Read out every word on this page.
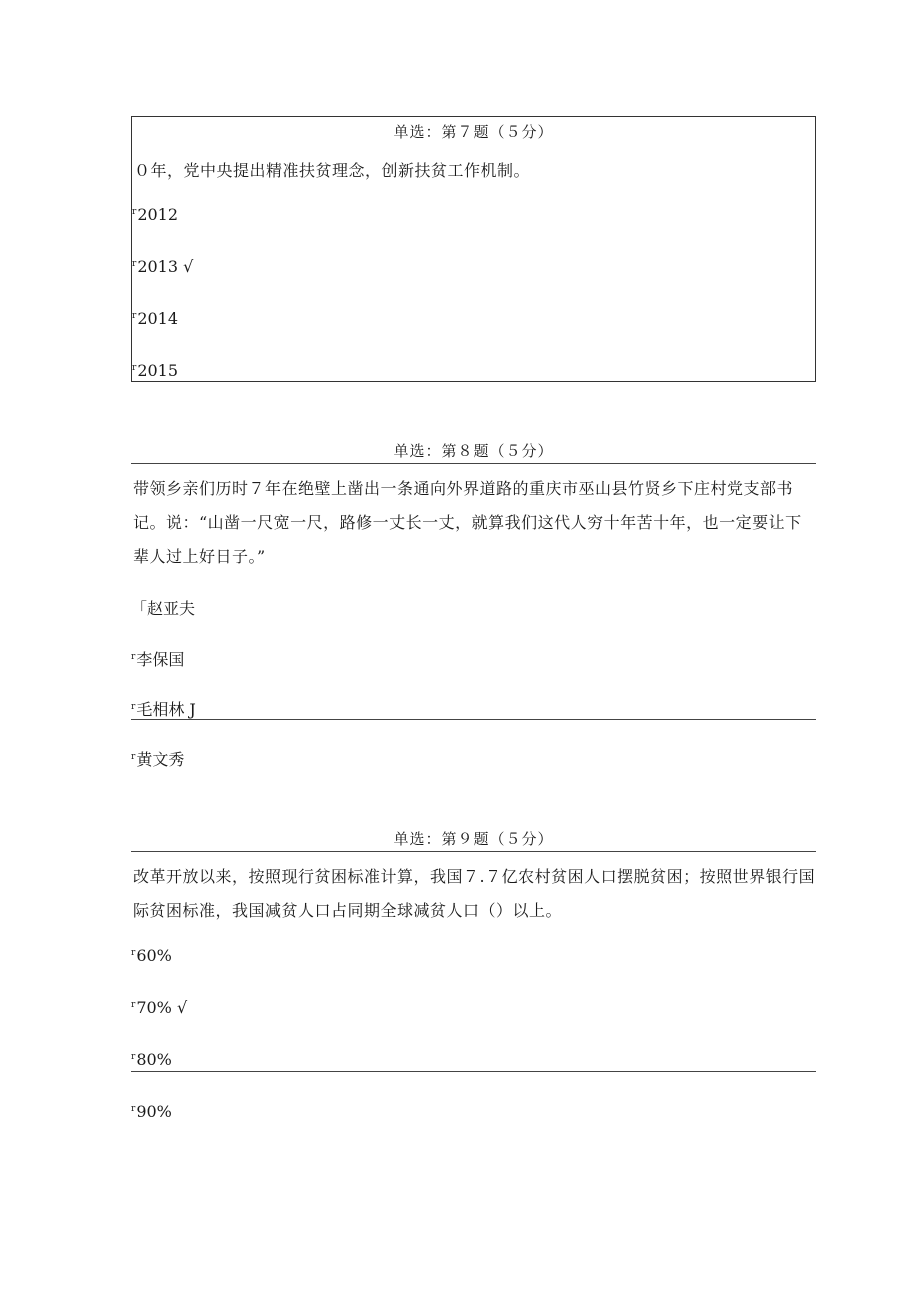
单选：第７题（５分）
０年，党中央提出精准扶贫理念，创新扶贫工作机制。
$^r$2012
$^r$2013 √
$^r$2014
$^r$2015
单选：第８题（５分）
带领乡亲们历时７年在绝壁上凿出一条通向外界道路的重庆市巫山县竹贤乡下庄村党支部书记。说：“山凿一尺宽一尺，路修一丈长一丈，就算我们这代人穷十年苦十年，也一定要让下辈人过上好日子。”
「赵亚夫
$^r$李保国
$^r$毛相林 J
$^r$黄文秀
单选：第９题（５分）
改革开放以来，按照现行贫困标准计算，我国７.７亿农村贫困人口摆脱贫困；按照世界银行国际贫困标准，我国减贫人口占同期全球减贫人口（）以上。
$^r$60%
$^r$70% √
$^r$80%
$^r$90%
